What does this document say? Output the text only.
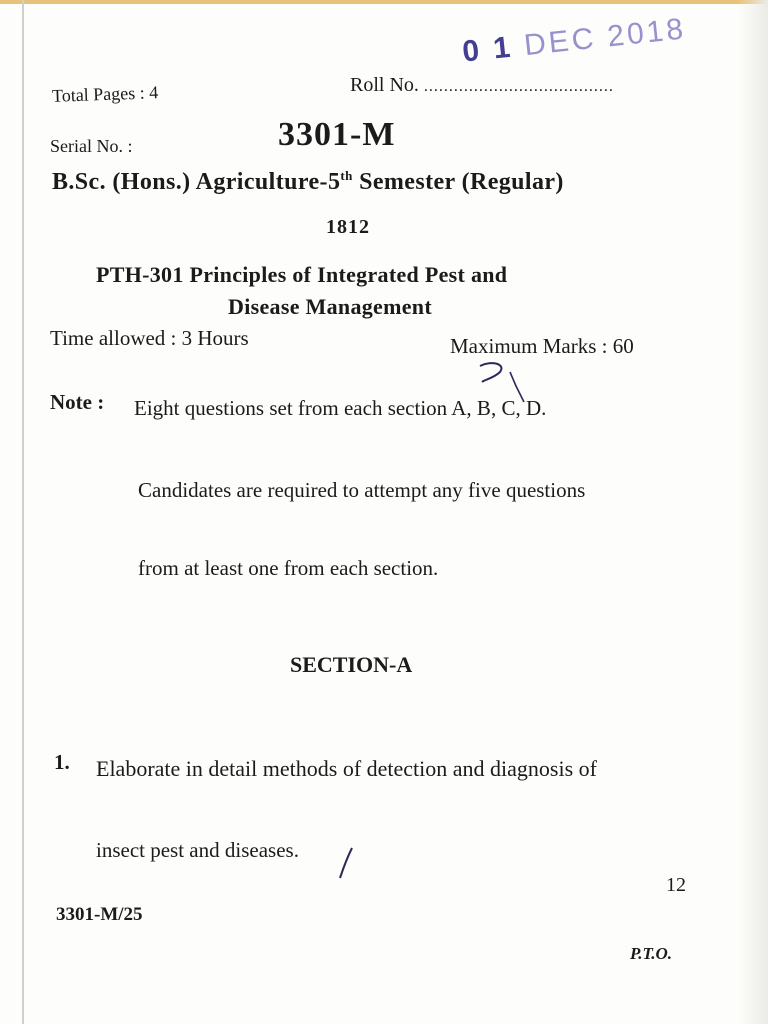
0 1 DEC 2018
Total Pages : 4	Roll No. ......................................
Serial No. :	3301-M
B.Sc. (Hons.) Agriculture-5th Semester (Regular)
1812
PTH-301 Principles of Integrated Pest and
Disease Management
Time allowed : 3 Hours	Maximum Marks : 60
Note : Eight questions set from each section A, B, C, D.
Candidates are required to attempt any five questions
from at least one from each section.
SECTION-A
1. Elaborate in detail methods of detection and diagnosis of
insect pest and diseases.
12
3301-M/25
P.T.O.
